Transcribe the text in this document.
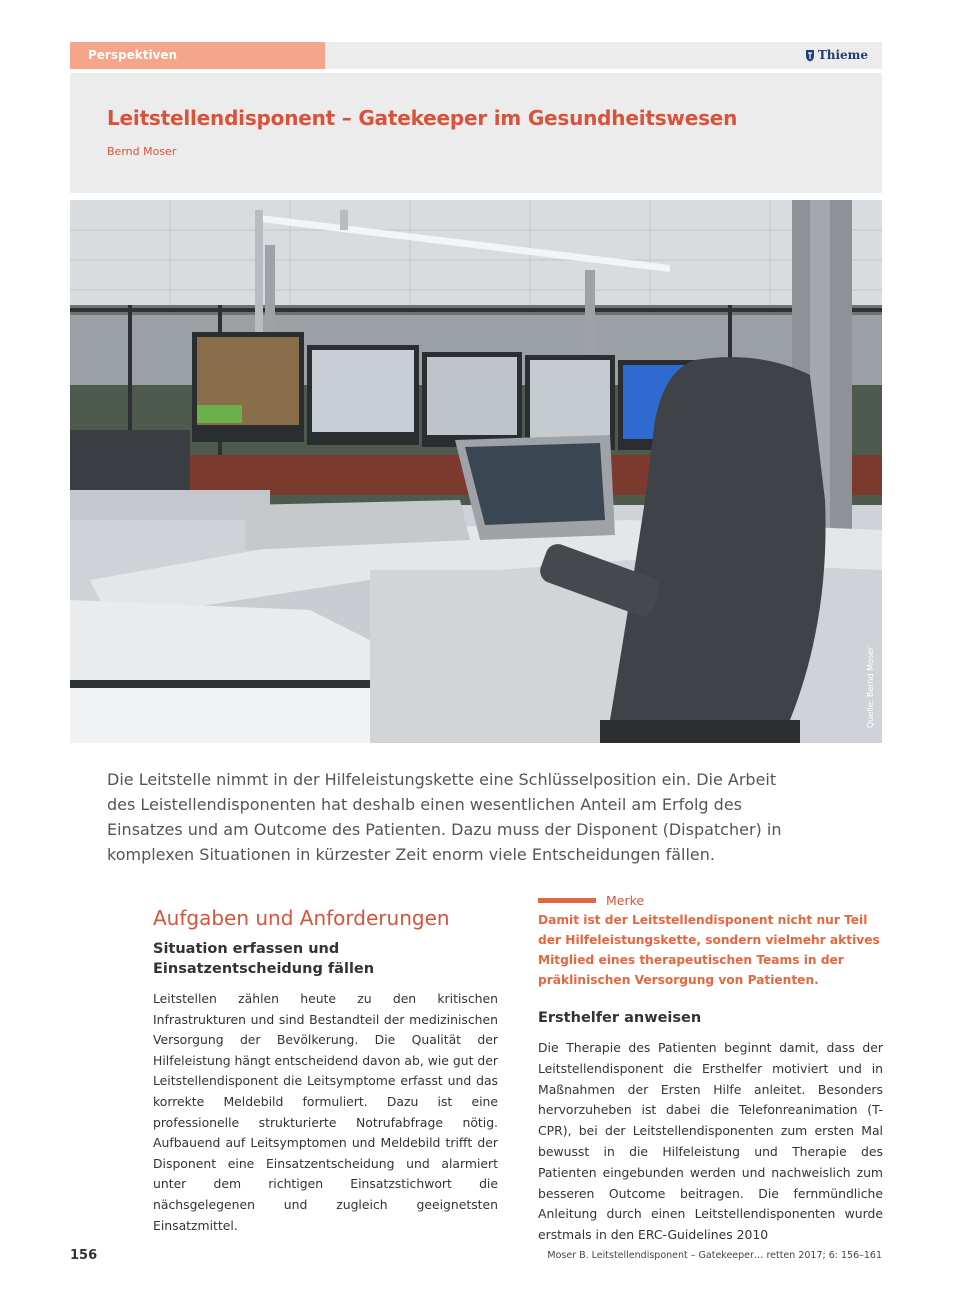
Perspektiven	Thieme
Leitstellendisponent – Gatekeeper im Gesundheitswesen
Bernd Moser
Quelle: Bernd Moser

Die Leitstelle nimmt in der Hilfeleistungskette eine Schlüsselposition ein. Die Arbeit des Leistellendisponenten hat deshalb einen wesentlichen Anteil am Erfolg des Einsatzes und am Outcome des Patienten. Dazu muss der Disponent (Dispatcher) in komplexen Situationen in kürzester Zeit enorm viele Entscheidungen fällen.

Aufgaben und Anforderungen
Situation erfassen und Einsatzentscheidung fällen

Leitstellen zählen heute zu den kritischen Infrastrukturen und sind Bestandteil der medizinischen Versorgung der Bevölkerung. Die Qualität der Hilfeleistung hängt entscheidend davon ab, wie gut der Leitstellendisponent die Leitsymptome erfasst und das korrekte Meldebild formuliert. Dazu ist eine professionelle strukturierte Notrufabfrage nötig. Aufbauend auf Leitsymptomen und Meldebild trifft der Disponent eine Einsatzentscheidung und alarmiert unter dem richtigen Einsatzstichwort die nächsgelegenen und zugleich geeignetsten Einsatzmittel.

Merke

Damit ist der Leitstellendisponent nicht nur Teil der Hilfeleistungskette, sondern vielmehr aktives Mitglied eines therapeutischen Teams in der präklinischen Versorgung von Patienten.

Ersthelfer anweisen

Die Therapie des Patienten beginnt damit, dass der Leitstellendisponent die Ersthelfer motiviert und in Maßnahmen der Ersten Hilfe anleitet. Besonders hervorzuheben ist dabei die Telefonreanimation (T-CPR), bei der Leitstellendisponenten zum ersten Mal bewusst in die Hilfeleistung und Therapie des Patienten eingebunden werden und nachweislich zum besseren Outcome beitragen. Die fernmündliche Anleitung durch einen Leitstellendisponenten wurde erstmals in den ERC-Guidelines 2010

156	Moser B. Leitstellendisponent – Gatekeeper… retten 2017; 6: 156–161
